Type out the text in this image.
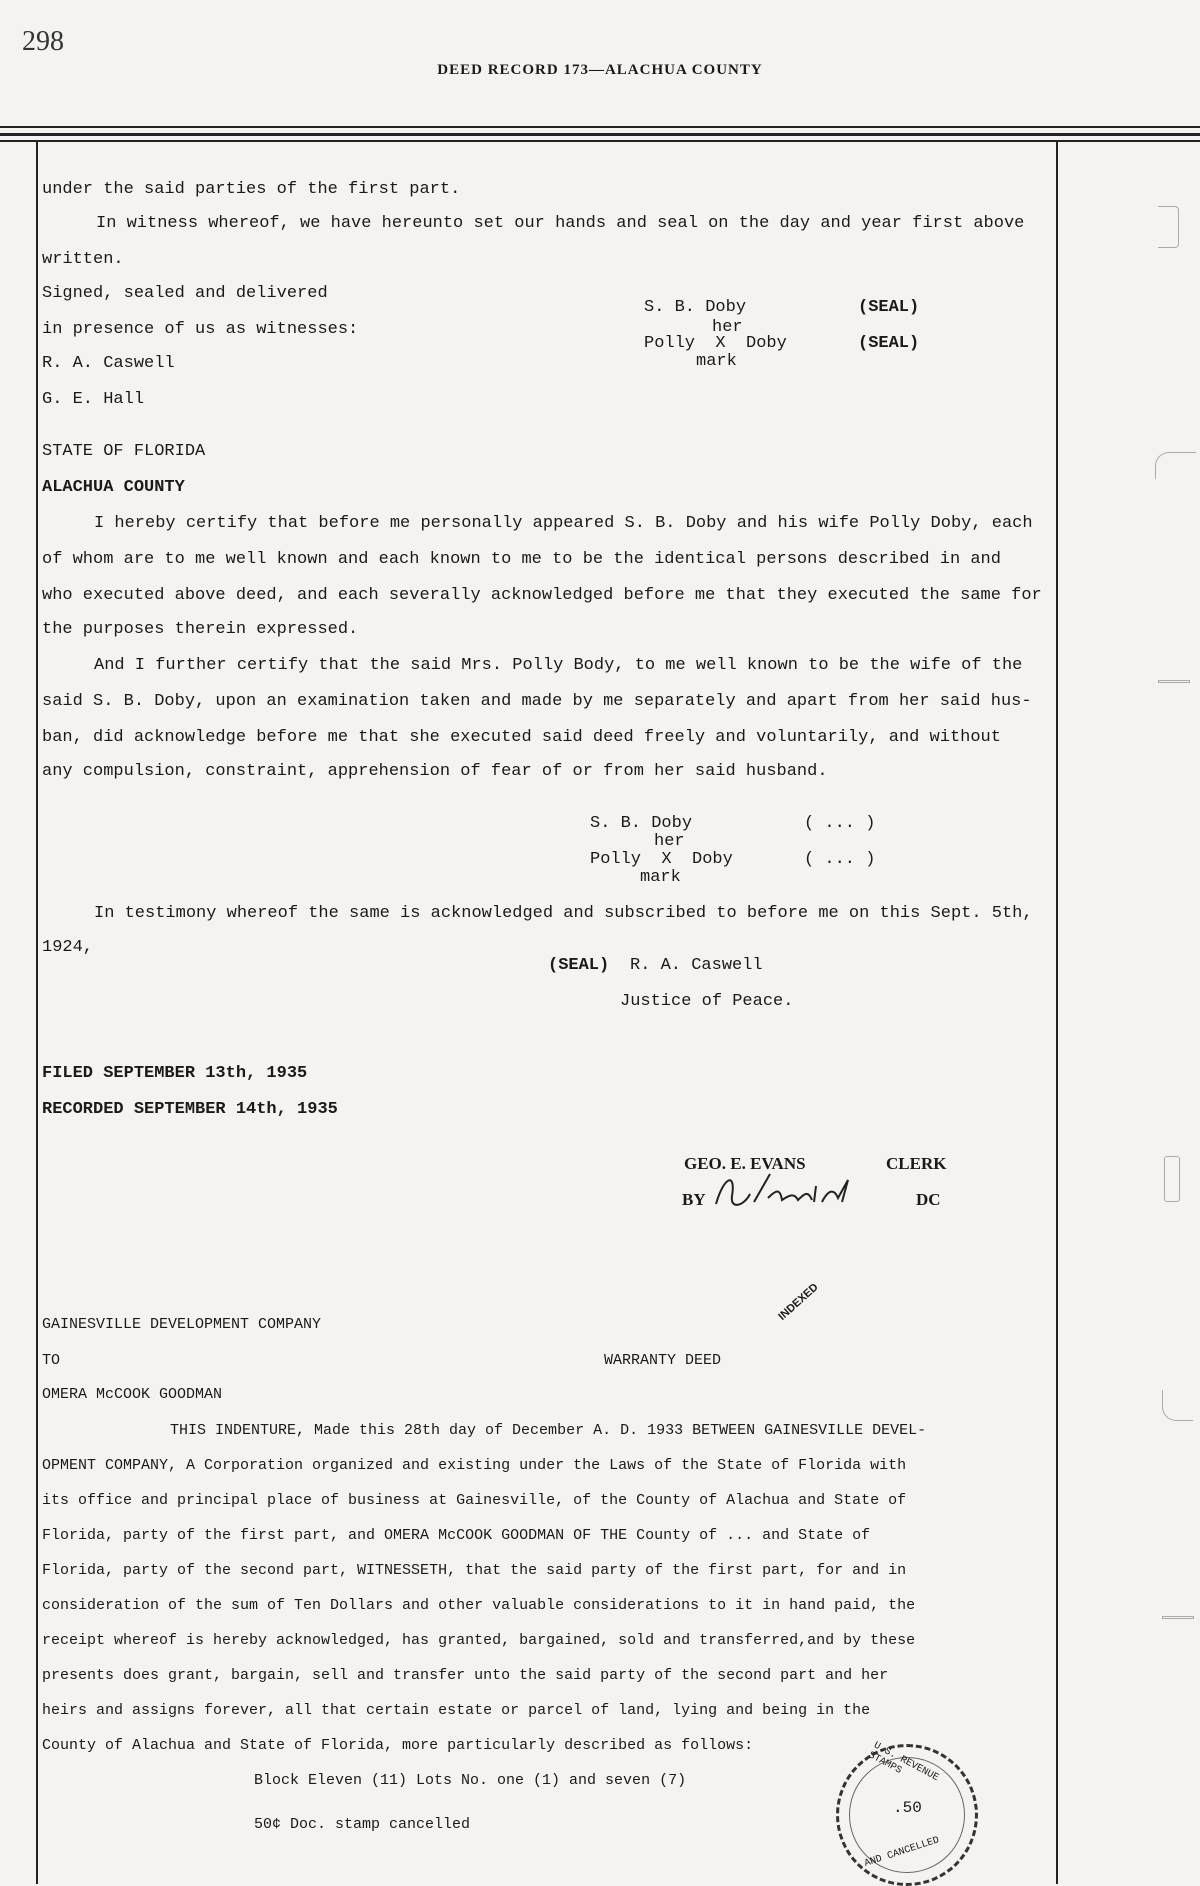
298
DEED RECORD 173—ALACHUA COUNTY
under the said parties of the first part.
In witness whereof, we have hereunto set our hands and seal on the day and year first above
written.
Signed, sealed and delivered
in presence of us as witnesses:
R. A. Caswell
G. E. Hall
S. B. Doby	(SEAL)
her
Polly  X  Doby	(SEAL)
mark
STATE OF FLORIDA
ALACHUA COUNTY
I hereby certify that before me personally appeared S. B. Doby and his wife Polly Doby, each
of whom are to me well known and each known to me to be the identical persons described in and
who executed above deed, and each severally acknowledged before me that they executed the same for
the purposes therein expressed.
And I further certify that the said Mrs. Polly Body, to me well known to be the wife of the
said S. B. Doby, upon an examination taken and made by me separately and apart from her said hus-
ban, did acknowledge before me that she executed said deed freely and voluntarily, and without
any compulsion, constraint, apprehension of fear of or from her said husband.
S. B. Doby	( ... )
her
Polly  X  Doby	( ... )
mark
In testimony whereof the same is acknowledged and subscribed to before me on this Sept. 5th,
1924,
(SEAL) R. A. Caswell
Justice of Peace.
FILED SEPTEMBER 13th, 1935
RECORDED SEPTEMBER 14th, 1935
GEO. E. EVANS	CLERK
BY	DC
INDEXED
GAINESVILLE DEVELOPMENT COMPANY
TO	WARRANTY DEED
OMERA McCOOK GOODMAN
THIS INDENTURE, Made this 28th day of December A. D. 1933 BETWEEN GAINESVILLE DEVEL-
OPMENT COMPANY, A Corporation organized and existing under the Laws of the State of Florida with
its office and principal place of business at Gainesville, of the County of Alachua and State of
Florida, party of the first part, and OMERA McCOOK GOODMAN OF THE County of ... and State of
Florida, party of the second part, WITNESSETH, that the said party of the first part, for and in
consideration of the sum of Ten Dollars and other valuable considerations to it in hand paid, the
receipt whereof is hereby acknowledged, has granted, bargained, sold and transferred,and by these
presents does grant, bargain, sell and transfer unto the said party of the second part and her
heirs and assigns forever, all that certain estate or parcel of land, lying and being in the
County of Alachua and State of Florida, more particularly described as follows:
Block Eleven (11) Lots No. one (1) and seven (7)
50¢ Doc. stamp cancelled
U.S. REVENUE STAMPS
.50
AND CANCELLED
